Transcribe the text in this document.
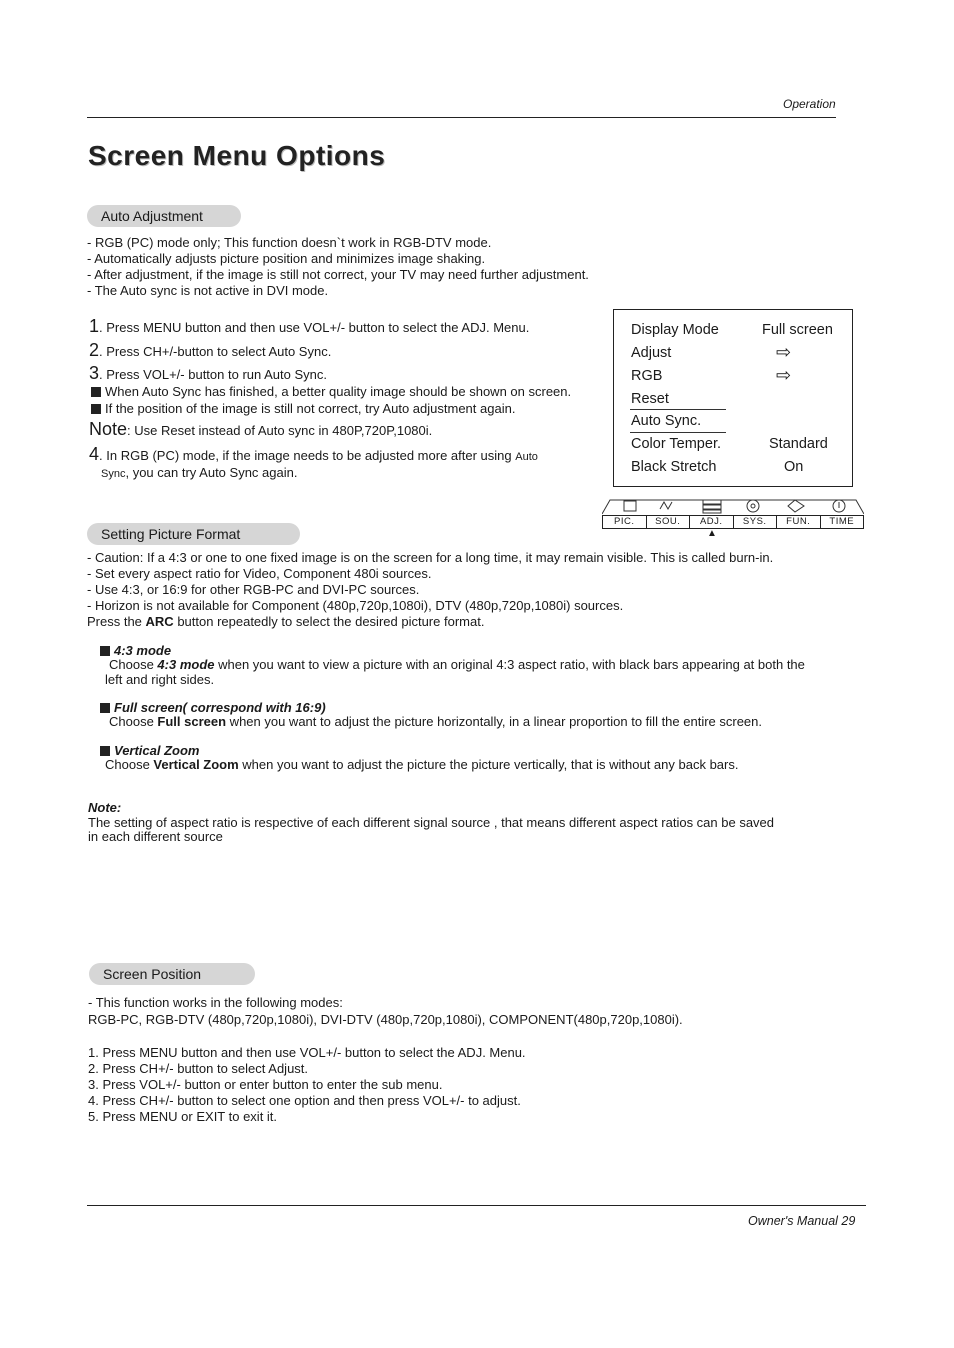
Operation
Screen Menu Options
Auto Adjustment
- RGB (PC) mode only; This function doesn`t work in RGB-DTV mode.
- Automatically adjusts picture position and minimizes image shaking.
- After adjustment, if the image is still not correct, your TV may need further adjustment.
- The Auto sync is not active in DVI mode.
1. Press MENU button and then use VOL+/- button to select the ADJ. Menu.
2. Press CH+/-button to select Auto Sync.
3. Press VOL+/- button to run Auto Sync.
When Auto Sync has finished, a better quality image should be shown on screen.
If the position of the image is still not correct, try Auto adjustment again.
Note: Use Reset instead of Auto sync in 480P,720P,1080i.
4. In RGB (PC) mode, if the image needs to be adjusted more after using Auto
Sync, you can try Auto Sync again.
Display Mode	Full screen
Adjust	⇨
RGB	⇨
Reset
Auto Sync.
Color Temper.	Standard
Black Stretch	On
PIC.	SOU.	ADJ.	SYS.	FUN.	TIME
▲
Setting Picture Format
- Caution: If a 4:3 or one to one fixed image is on the screen for a long time, it may remain visible. This is called burn-in.
- Set every aspect ratio for Video, Component 480i sources.
- Use 4:3, or 16:9 for other RGB-PC and DVI-PC sources.
- Horizon is not available for Component (480p,720p,1080i), DTV (480p,720p,1080i) sources.
Press the ARC button repeatedly to select the desired picture format.
4:3 mode
Choose 4:3 mode when you want to view a picture with an original 4:3 aspect ratio, with black bars appearing at both the
left and right sides.
Full screen( correspond with 16:9)
Choose Full screen when you want to adjust the picture horizontally, in a linear proportion to fill the entire screen.
Vertical Zoom
Choose Vertical Zoom when you want to adjust the picture the picture vertically, that is without any back bars.
Note:
The setting of aspect ratio is respective of each different signal source , that means different aspect ratios can be saved
in each different source
Screen Position
- This function works in the following modes:
RGB-PC, RGB-DTV (480p,720p,1080i), DVI-DTV (480p,720p,1080i), COMPONENT(480p,720p,1080i).
1. Press MENU button and then use VOL+/- button to select the ADJ. Menu.
2. Press CH+/- button to select Adjust.
3. Press VOL+/- button or enter button to enter the sub menu.
4. Press CH+/- button to select one option and then press VOL+/- to adjust.
5. Press MENU or EXIT to exit it.
Owner's Manual 29
